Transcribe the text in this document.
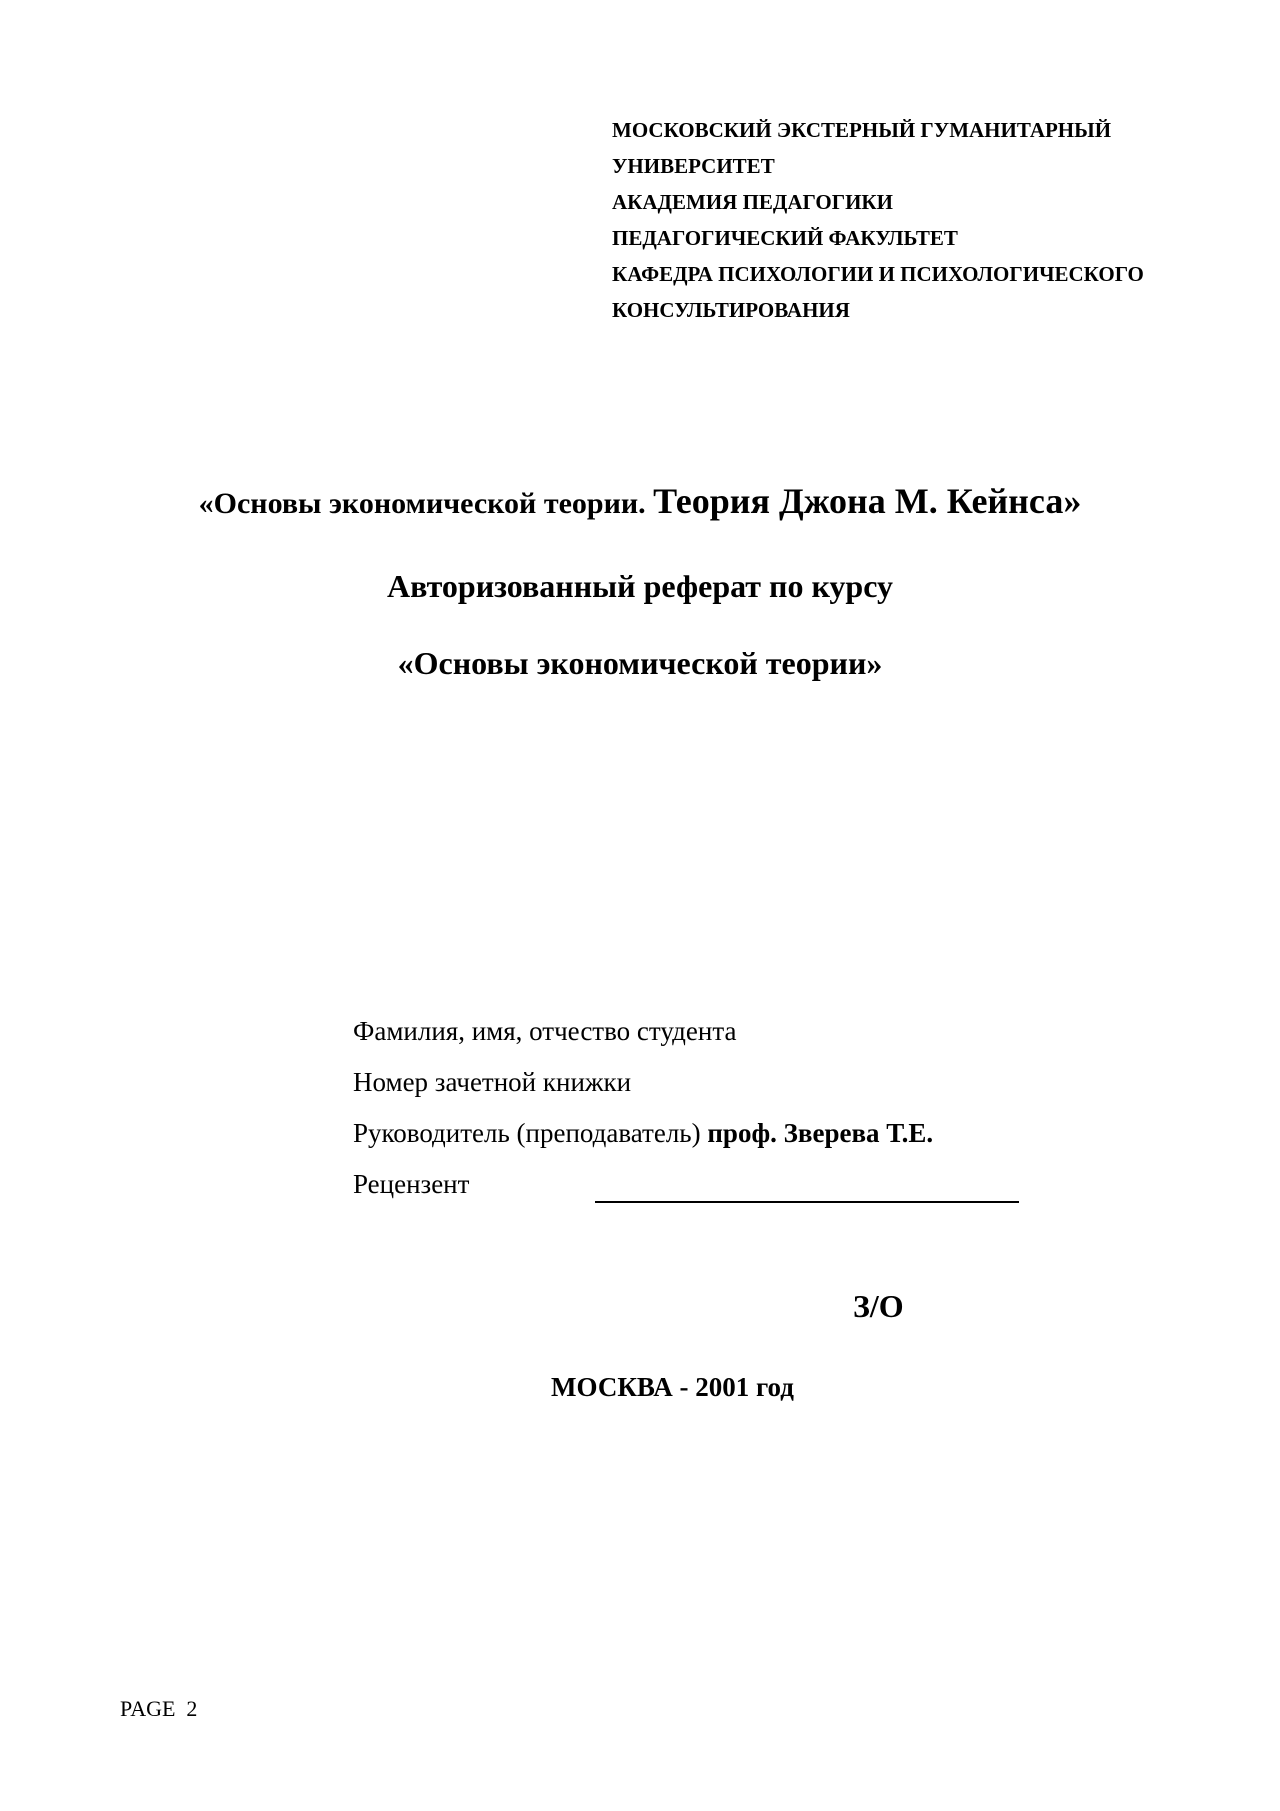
МОСКОВСКИЙ ЭКСТЕРНЫЙ ГУМАНИТАРНЫЙ
УНИВЕРСИТЕТ
АКАДЕМИЯ ПЕДАГОГИКИ
ПЕДАГОГИЧЕСКИЙ ФАКУЛЬТЕТ
КАФЕДРА ПСИХОЛОГИИ И ПСИХОЛОГИЧЕСКОГО
КОНСУЛЬТИРОВАНИЯ
«Основы экономической теории. Теория Джона М. Кейнса»
Авторизованный реферат по курсу
«Основы экономической теории»
Фамилия, имя, отчество студента
Номер зачетной книжки
Руководитель (преподаватель) проф. Зверева Т.Е.
Рецензент
З/О
МОСКВА - 2001 год
PAGE  2
